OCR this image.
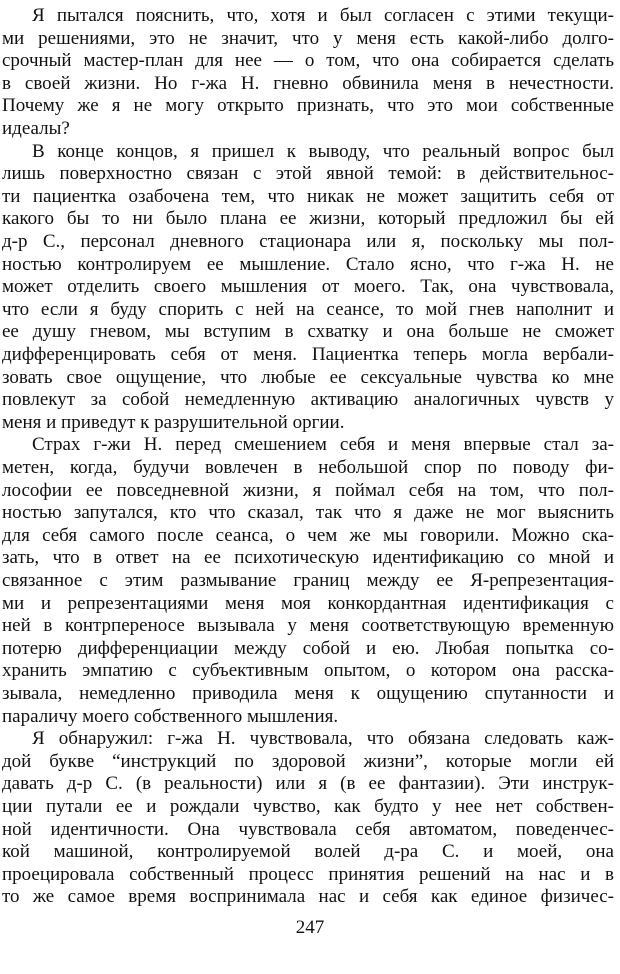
Я пытался пояснить, что, хотя и был согласен с этими текущи-
ми решениями, это не значит, что у меня есть какой-либо долго-
срочный мастер-план для нее — о том, что она собирается сделать
в своей жизни. Но г-жа Н. гневно обвинила меня в нечестности.
Почему же я не могу открыто признать, что это мои собственные
идеалы?
В конце концов, я пришел к выводу, что реальный вопрос был
лишь поверхностно связан с этой явной темой: в действительнос-
ти пациентка озабочена тем, что никак не может защитить себя от
какого бы то ни было плана ее жизни, который предложил бы ей
д-р С., персонал дневного стационара или я, поскольку мы пол-
ностью контролируем ее мышление. Стало ясно, что г-жа Н. не
может отделить своего мышления от моего. Так, она чувствовала,
что если я буду спорить с ней на сеансе, то мой гнев наполнит и
ее душу гневом, мы вступим в схватку и она больше не сможет
дифференцировать себя от меня. Пациентка теперь могла вербали-
зовать свое ощущение, что любые ее сексуальные чувства ко мне
повлекут за собой немедленную активацию аналогичных чувств у
меня и приведут к разрушительной оргии.
Страх г-жи Н. перед смешением себя и меня впервые стал за-
метен, когда, будучи вовлечен в небольшой спор по поводу фи-
лософии ее повседневной жизни, я поймал себя на том, что пол-
ностью запутался, кто что сказал, так что я даже не мог выяснить
для себя самого после сеанса, о чем же мы говорили. Можно ска-
зать, что в ответ на ее психотическую идентификацию со мной и
связанное с этим размывание границ между ее Я-репрезентация-
ми и репрезентациями меня моя конкордантная идентификация с
ней в контрпереносе вызывала у меня соответствующую временную
потерю дифференциации между собой и ею. Любая попытка со-
хранить эмпатию с субъективным опытом, о котором она расска-
зывала, немедленно приводила меня к ощущению спутанности и
параличу моего собственного мышления.
Я обнаружил: г-жа Н. чувствовала, что обязана следовать каж-
дой букве “инструкций по здоровой жизни”, которые могли ей
давать д-р С. (в реальности) или я (в ее фантазии). Эти инструк-
ции путали ее и рождали чувство, как будто у нее нет собствен-
ной идентичности. Она чувствовала себя автоматом, поведенчес-
кой машиной, контролируемой волей д-ра С. и моей, она
проецировала собственный процесс принятия решений на нас и в
то же самое время воспринимала нас и себя как единое физичес-
247
